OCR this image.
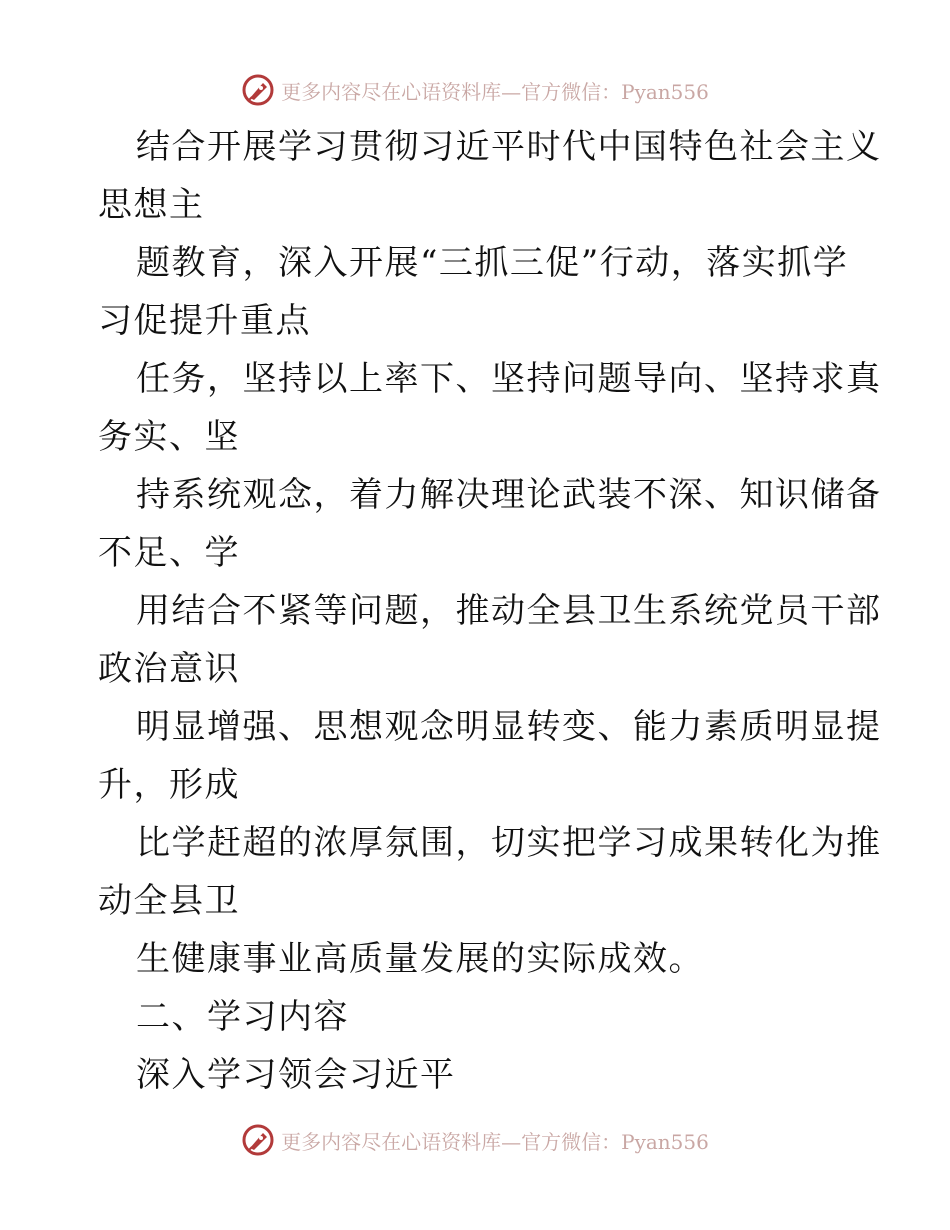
更多内容尽在心语资料库—官方微信：Pyan556
结合开展学习贯彻习近平时代中国特色社会主义
思想主
题教育，深入开展“三抓三促”行动，落实抓学
习促提升重点
任务，坚持以上率下、坚持问题导向、坚持求真
务实、坚
持系统观念，着力解决理论武装不深、知识储备
不足、学
用结合不紧等问题，推动全县卫生系统党员干部
政治意识
明显增强、思想观念明显转变、能力素质明显提
升，形成
比学赶超的浓厚氛围，切实把学习成果转化为推
动全县卫
生健康事业高质量发展的实际成效。
二、学习内容
深入学习领会习近平
更多内容尽在心语资料库—官方微信：Pyan556
